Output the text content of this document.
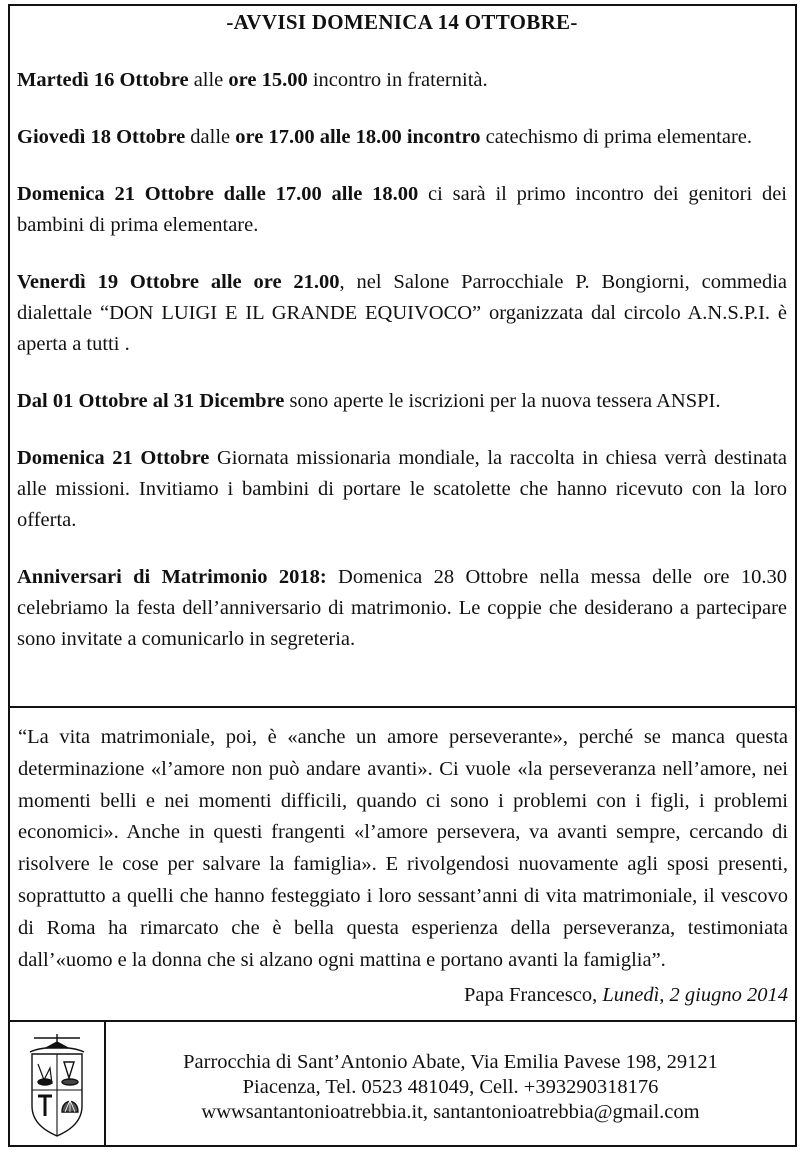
-AVVISI DOMENICA 14 OTTOBRE-

Martedì 16 Ottobre alle ore 15.00 incontro in fraternità.

Giovedì 18 Ottobre dalle ore 17.00 alle 18.00 incontro catechismo di prima elementare.

Domenica 21 Ottobre dalle 17.00 alle 18.00 ci sarà il primo incontro dei genitori dei bambini di prima elementare.

Venerdì 19 Ottobre alle ore 21.00, nel Salone Parrocchiale P. Bongiorni, commedia dialettale “DON LUIGI E IL GRANDE EQUIVOCO” organizzata dal circolo A.N.S.P.I. è aperta a tutti .

Dal 01 Ottobre al 31 Dicembre sono aperte le iscrizioni per la nuova tessera ANSPI.

Domenica 21 Ottobre Giornata missionaria mondiale, la raccolta in chiesa verrà destinata alle missioni. Invitiamo i bambini di portare le scatolette che hanno ricevuto con la loro offerta.

Anniversari di Matrimonio 2018: Domenica 28 Ottobre nella messa delle ore 10.30 celebriamo la festa dell’anniversario di matrimonio. Le coppie che desiderano a partecipare sono invitate a comunicarlo in segreteria.

“La vita matrimoniale, poi, è «anche un amore perseverante», perché se manca questa determinazione «l’amore non può andare avanti». Ci vuole «la perseveranza nell’amore, nei momenti belli e nei momenti difficili, quando ci sono i problemi con i figli, i problemi economici». Anche in questi frangenti «l’amore persevera, va avanti sempre, cercando di risolvere le cose per salvare la famiglia». E rivolgendosi nuovamente agli sposi presenti, soprattutto a quelli che hanno festeggiato i loro sessant’anni di vita matrimoniale, il vescovo di Roma ha rimarcato che è bella questa esperienza della perseveranza, testimoniata dall’«uomo e la donna che si alzano ogni mattina e portano avanti la famiglia”.

Papa Francesco, Lunedì, 2 giugno 2014
Parrocchia di Sant’Antonio Abate, Via Emilia Pavese 198, 29121
Piacenza, Tel. 0523 481049, Cell. +393290318176
wwwsantantonioatrebbia.it, santantonioatrebbia@gmail.com
